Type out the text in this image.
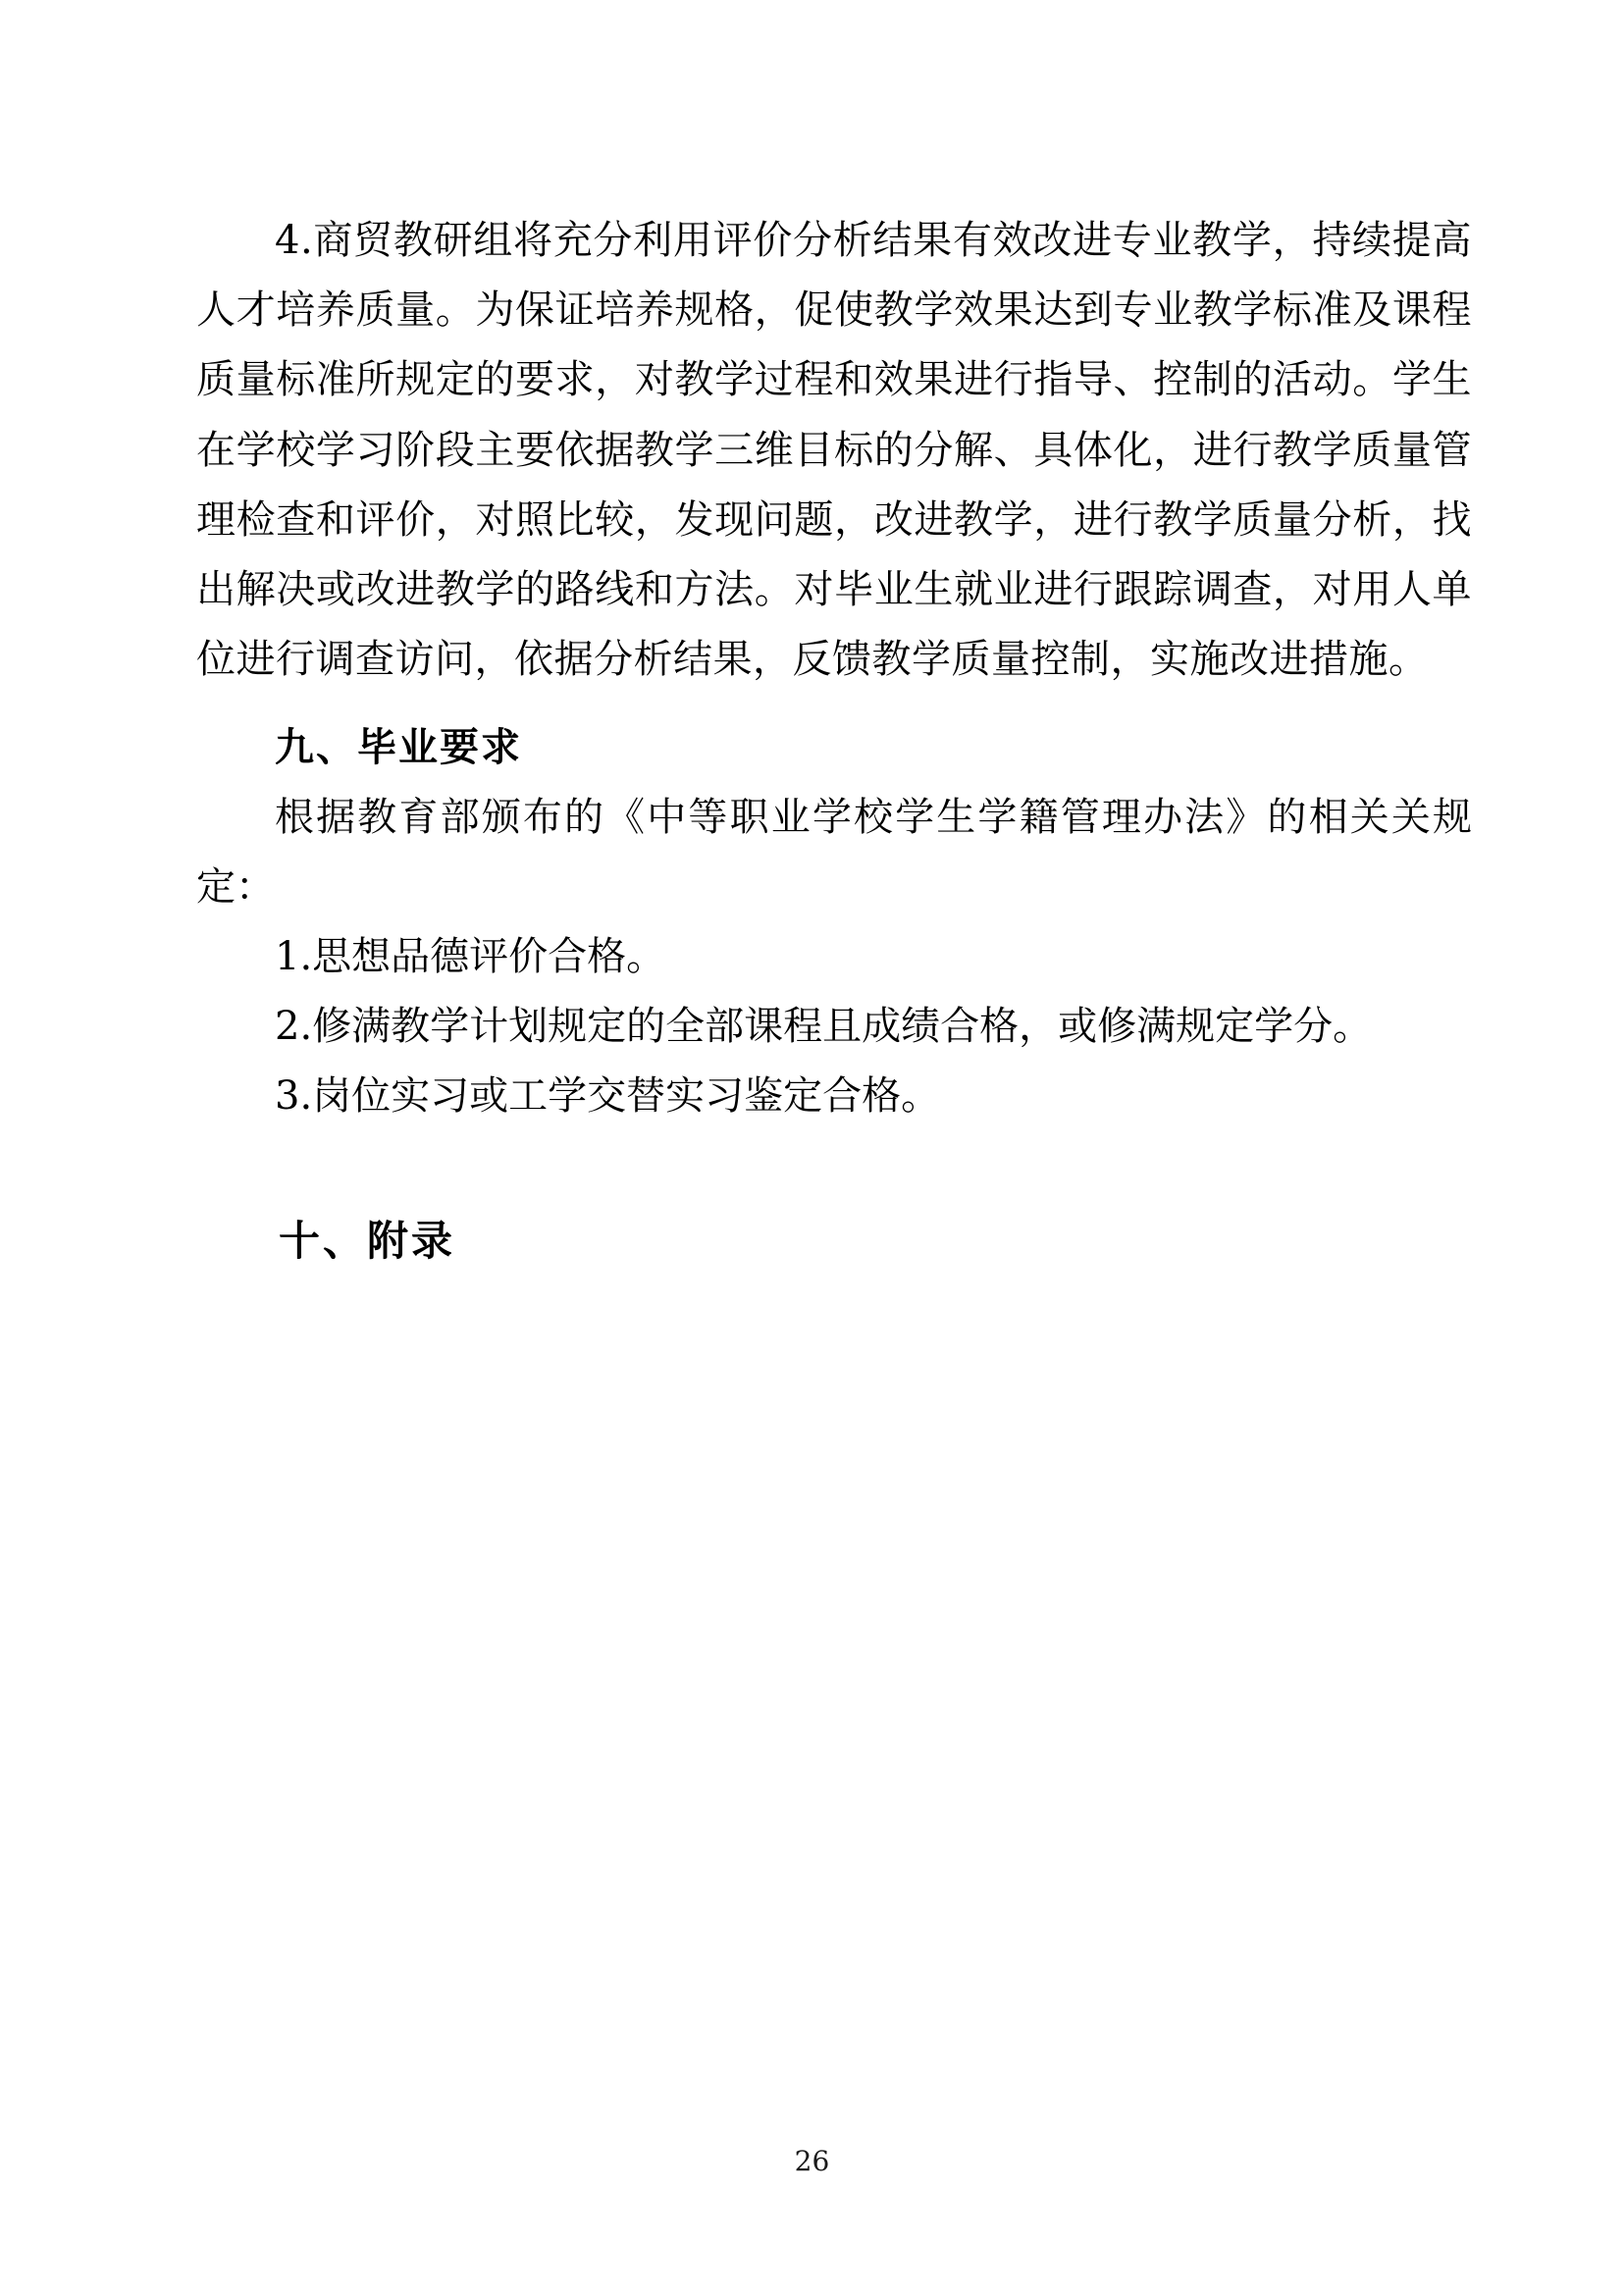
4.商贸教研组将充分利用评价分析结果有效改进专业教学，持续提高人才培养质量。为保证培养规格，促使教学效果达到专业教学标准及课程质量标准所规定的要求，对教学过程和效果进行指导、控制的活动。学生在学校学习阶段主要依据教学三维目标的分解、具体化，进行教学质量管理检查和评价，对照比较，发现问题，改进教学，进行教学质量分析，找出解决或改进教学的路线和方法。对毕业生就业进行跟踪调查，对用人单位进行调查访问，依据分析结果，反馈教学质量控制，实施改进措施。

九、毕业要求

根据教育部颁布的《中等职业学校学生学籍管理办法》的相关关规定：

1.思想品德评价合格。
2.修满教学计划规定的全部课程且成绩合格，或修满规定学分。
3.岗位实习或工学交替实习鉴定合格。
十、附录
26
